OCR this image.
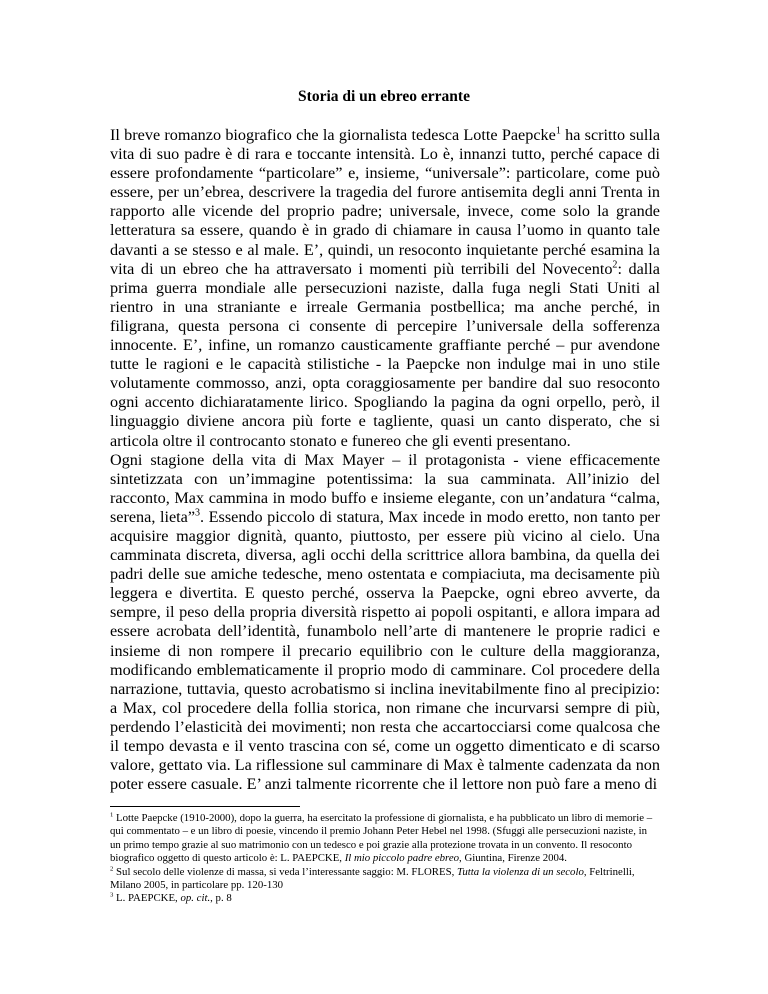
Storia di un ebreo errante

Il breve romanzo biografico che la giornalista tedesca Lotte Paepcke$^1$ ha scritto sulla vita di suo padre è di rara e toccante intensità. Lo è, innanzi tutto, perché capace di essere profondamente “particolare” e, insieme, “universale”: particolare, come può essere, per un’ebrea, descrivere la tragedia del furore antisemita degli anni Trenta in rapporto alle vicende del proprio padre; universale, invece, come solo la grande letteratura sa essere, quando è in grado di chiamare in causa l’uomo in quanto tale davanti a se stesso e al male. E’, quindi, un resoconto inquietante perché esamina la vita di un ebreo che ha attraversato i momenti più terribili del Novecento$^2$: dalla prima guerra mondiale alle persecuzioni naziste, dalla fuga negli Stati Uniti al rientro in una straniante e irreale Germania postbellica; ma anche perché, in filigrana, questa persona ci consente di percepire l’universale della sofferenza innocente. E’, infine, un romanzo causticamente graffiante perché – pur avendone tutte le ragioni e le capacità stilistiche - la Paepcke non indulge mai in uno stile volutamente commosso, anzi, opta coraggiosamente per bandire dal suo resoconto ogni accento dichiaratamente lirico. Spogliando la pagina da ogni orpello, però, il linguaggio diviene ancora più forte e tagliente, quasi un canto disperato, che si articola oltre il controcanto stonato e funereo che gli eventi presentano.

Ogni stagione della vita di Max Mayer – il protagonista - viene efficacemente sintetizzata con un’immagine potentissima: la sua camminata. All’inizio del racconto, Max cammina in modo buffo e insieme elegante, con un’andatura “calma, serena, lieta”$^3$. Essendo piccolo di statura, Max incede in modo eretto, non tanto per acquisire maggior dignità, quanto, piuttosto, per essere più vicino al cielo. Una camminata discreta, diversa, agli occhi della scrittrice allora bambina, da quella dei padri delle sue amiche tedesche, meno ostentata e compiaciuta, ma decisamente più leggera e divertita. E questo perché, osserva la Paepcke, ogni ebreo avverte, da sempre, il peso della propria diversità rispetto ai popoli ospitanti, e allora impara ad essere acrobata dell’identità, funambolo nell’arte di mantenere le proprie radici e insieme di non rompere il precario equilibrio con le culture della maggioranza, modificando emblematicamente il proprio modo di camminare. Col procedere della narrazione, tuttavia, questo acrobatismo si inclina inevitabilmente fino al precipizio: a Max, col procedere della follia storica, non rimane che incurvarsi sempre di più, perdendo l’elasticità dei movimenti; non resta che accartocciarsi come qualcosa che il tempo devasta e il vento trascina con sé, come un oggetto dimenticato e di scarso valore, gettato via. La riflessione sul camminare di Max è talmente cadenzata da non poter essere casuale. E’ anzi talmente ricorrente che il lettore non può fare a meno di

$^1$ Lotte Paepcke (1910-2000), dopo la guerra, ha esercitato la professione di giornalista, e ha pubblicato un libro di memorie – qui commentato – e un libro di poesie, vincendo il premio Johann Peter Hebel nel 1998. (Sfuggì alle persecuzioni naziste, in un primo tempo grazie al suo matrimonio con un tedesco e poi grazie alla protezione trovata in un convento. Il resoconto biografico oggetto di questo articolo è: L. PAEPCKE, Il mio piccolo padre ebreo, Giuntina, Firenze 2004.

$^2$ Sul secolo delle violenze di massa, si veda l’interessante saggio: M. FLORES, Tutta la violenza di un secolo, Feltrinelli, Milano 2005, in particolare pp. 120-130

$^3$ L. PAEPCKE, op. cit., p. 8
